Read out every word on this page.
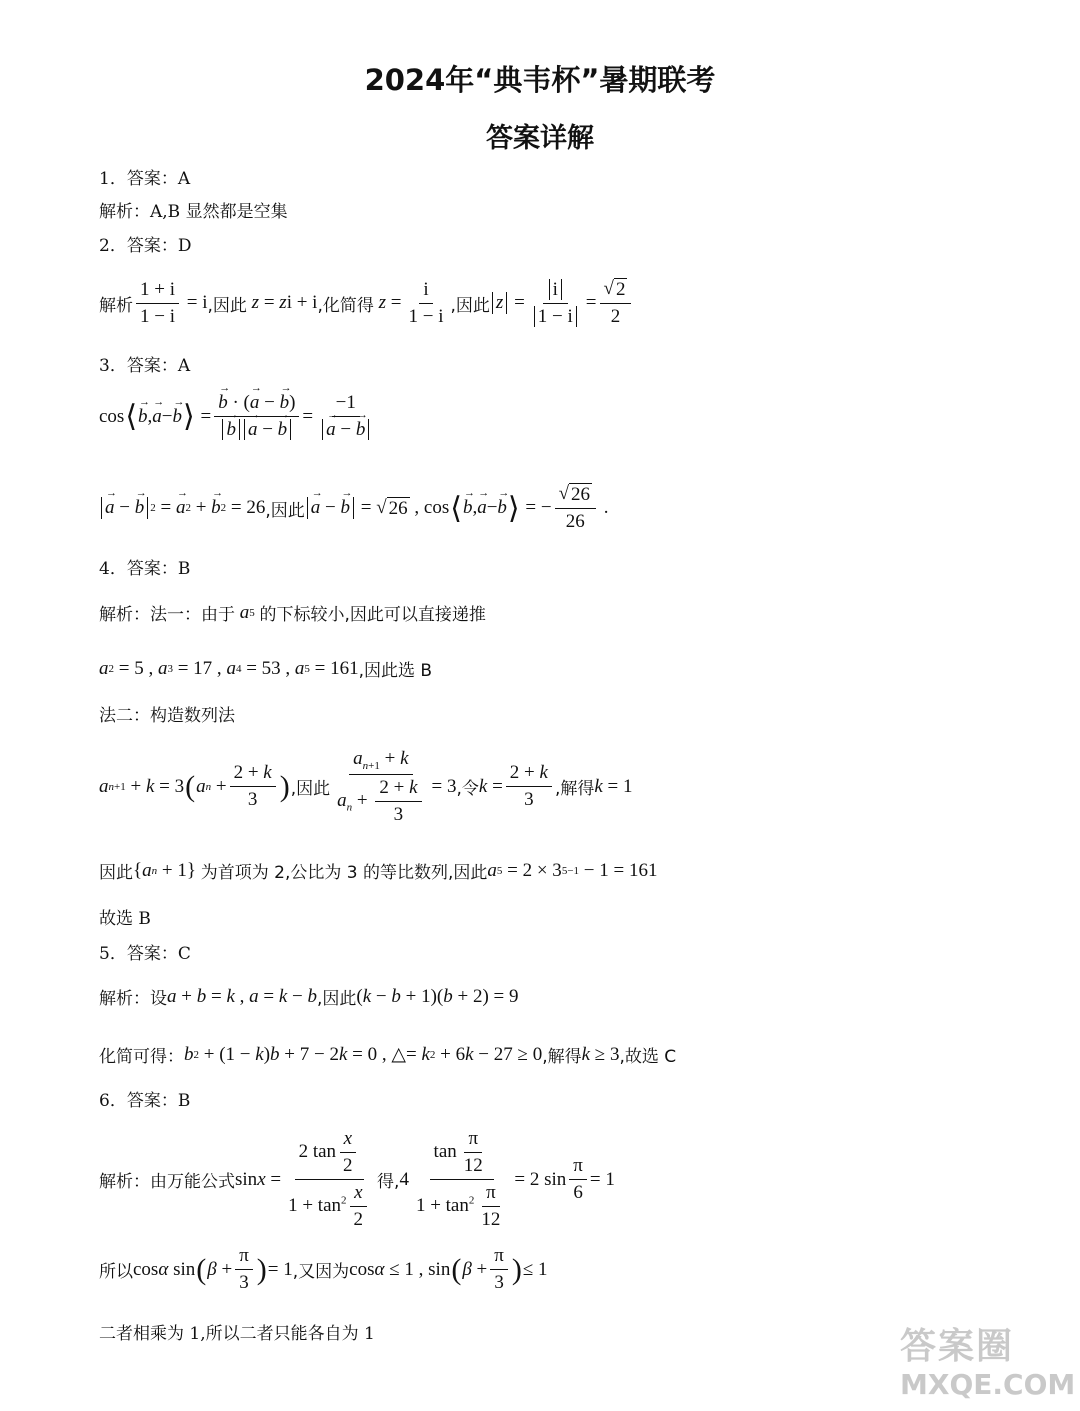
2024年“典韦杯”暑期联考
答案详解
1．答案：A
解析：A,B 显然都是空集
2．答案：D
解析 $\frac{1 + i}{1 - i} = i$ ,因此
z = z i + i ,化简得
$z = \frac{i}{1 - i}$ ,因此 $z = \frac{i}{1 - i} = \frac{√ 2}{2}$
3．答案：A
cos ⟨ → b , → a − → b ⟩ = → b · (→ a − → b)
→ b → a − → b = −1
→ a − → b
→ a − → b 2 = → a 2 + → b 2 = 26 ,因此 → a − → b = √ 26 , cos ⟨ → b , → a − → b ⟩ = − $\frac{√ 26}{26}$ .
4．答案：B
解析：法一：由于
a 5
的下标较小,因此可以直接递推
a 2 = 5 , a 3 = 17 , a 4 = 53 , a 5 = 161 ,因此选 B
法二：构造数列法
a n+1 + k = 3 ( a $n + \frac{2 + k}{3}$ ) ,因此 $\frac{a_{n+1} + k}{a_n + \frac{2 + k}{3}} = 3$ ,令 $k = \frac{2 + k}{3}$ ,解得 k = 1
因此 { a n + 1} 为首项为 2,公比为 3 的等比数列,因此 a 5 = 2 × 3 5−1 − 1 = 161
故选 B
5．答案：C
解析：设 a + b = k , a = k − b ,因此 ( k − b + 1)( b + 2) = 9
化简可得： b 2 + (1 − k ) b + 7 − 2 k = 0 , △= k 2 + 6 k − 27 ≥ 0 ,解得 k ≥ 3 ,故选 C
6．答案：B
解析：由万能公式 $\sin x = \frac{2 \tan \frac{x}{2}}{1 + \tan^2 \frac{x}{2}}$ 得, $4 \frac{\tan \frac{\pi}{12}}{1 + \tan^2 \frac{\pi}{12}} = 2$ $\sin \frac{\pi}{6} = 1$
所以 cos α sin ( $\beta + \frac{\pi}{3}$ ) = 1 ,又因为 cos α ≤ 1 , sin ( $\beta + \frac{\pi}{3}$ ) ≤ 1
二者相乘为 1,所以二者只能各自为 1	答案圈
MXQE.COM
